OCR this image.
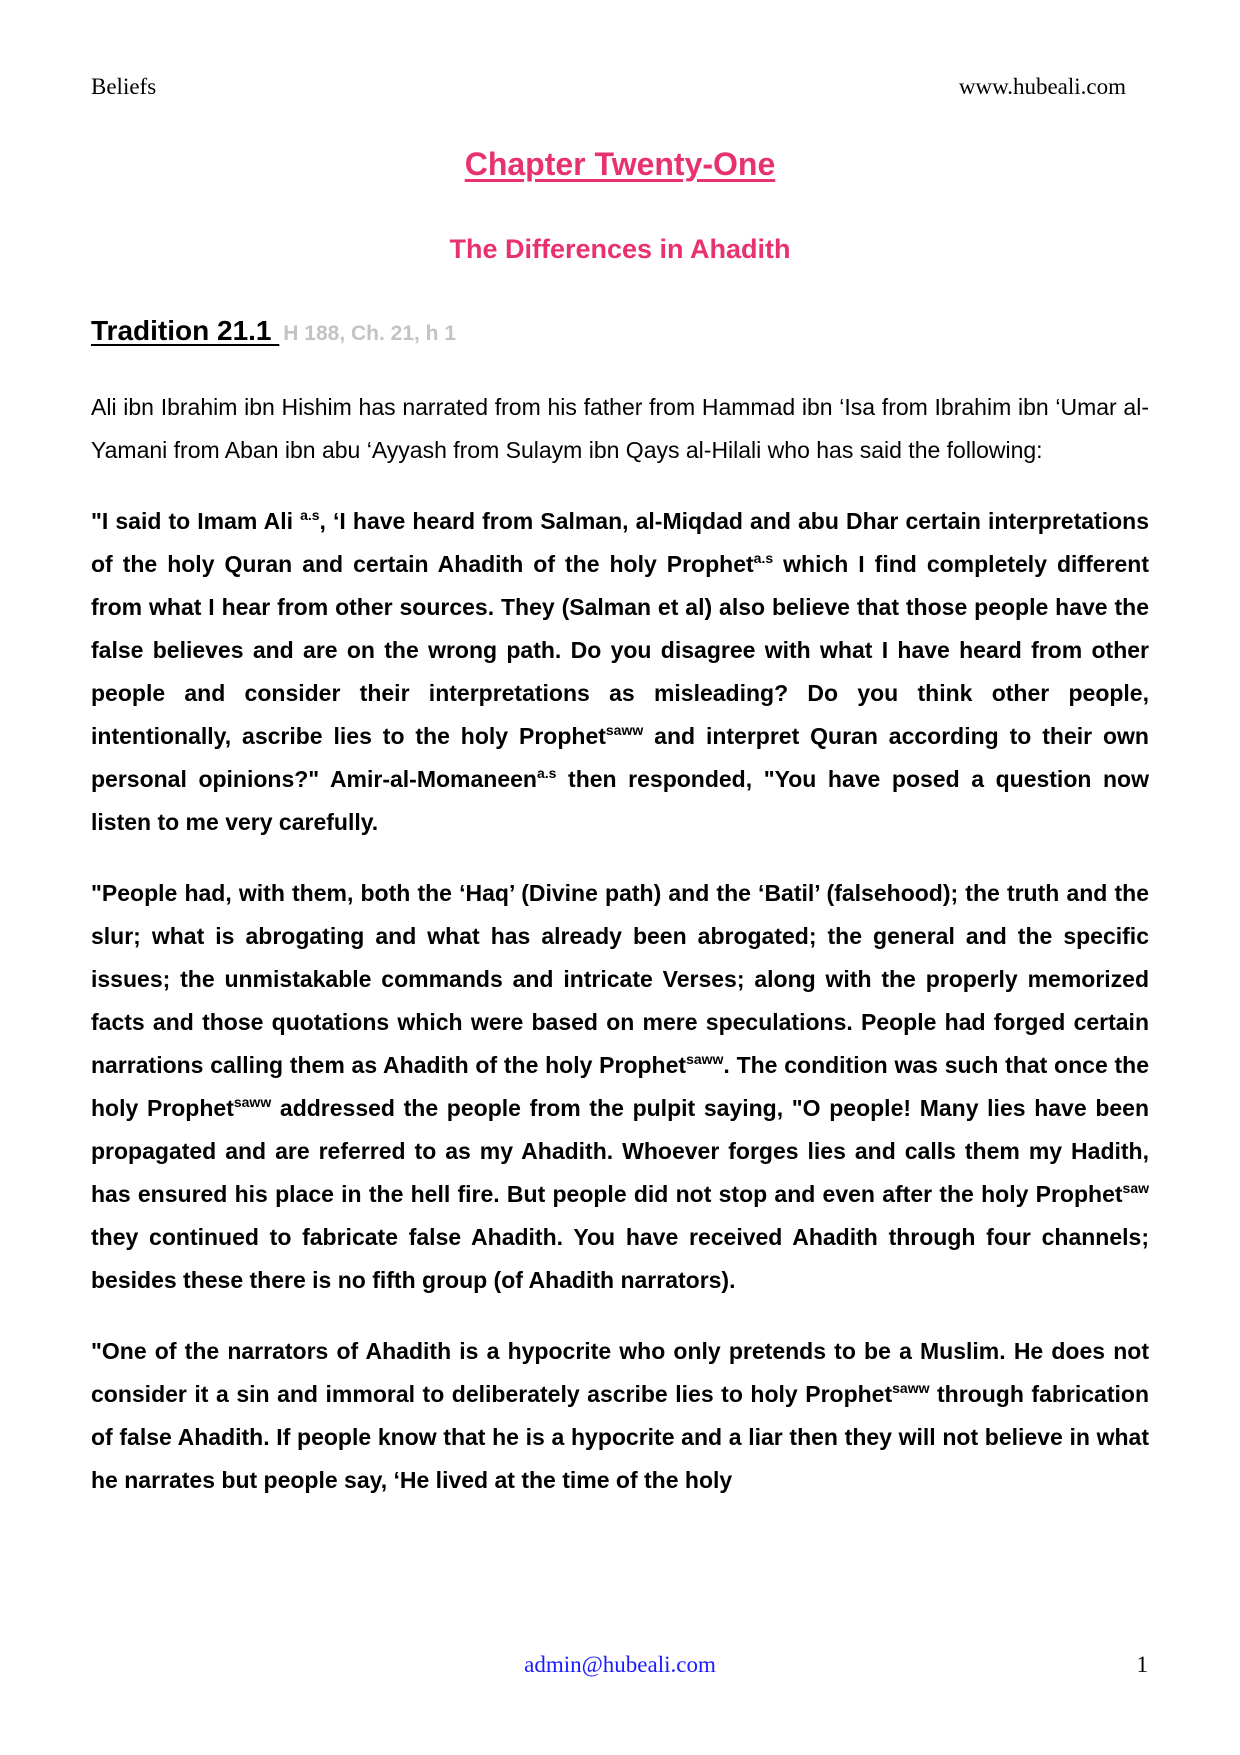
Beliefs	www.hubeali.com
Chapter Twenty-One
The Differences in Ahadith
Tradition 21.1 H 188, Ch. 21, h 1

Ali ibn Ibrahim ibn Hishim has narrated from his father from Hammad ibn ‘Isa from Ibrahim ibn ‘Umar al-Yamani from Aban ibn abu ‘Ayyash from Sulaym ibn Qays al-Hilali who has said the following:

"I said to Imam Ali $^{a.s}$, ‘I have heard from Salman, al-Miqdad and abu Dhar certain interpretations of the holy Quran and certain Ahadith of the holy Prophet$^{a.s}$ which I find completely different from what I hear from other sources. They (Salman et al) also believe that those people have the false believes and are on the wrong path. Do you disagree with what I have heard from other people and consider their interpretations as misleading? Do you think other people, intentionally, ascribe lies to the holy Prophet$^{saww}$ and interpret Quran according to their own personal opinions?" Amir-al-Momaneen$^{a.s}$ then responded, "You have posed a question now listen to me very carefully.

"People had, with them, both the ‘Haq’ (Divine path) and the ‘Batil’ (falsehood); the truth and the slur; what is abrogating and what has already been abrogated; the general and the specific issues; the unmistakable commands and intricate Verses; along with the properly memorized facts and those quotations which were based on mere speculations. People had forged certain narrations calling them as Ahadith of the holy Prophet$^{saww}$. The condition was such that once the holy Prophet$^{saww}$ addressed the people from the pulpit saying, "O people! Many lies have been propagated and are referred to as my Ahadith. Whoever forges lies and calls them my Hadith, has ensured his place in the hell fire. But people did not stop and even after the holy Prophet$^{saw}$ they continued to fabricate false Ahadith. You have received Ahadith through four channels; besides these there is no fifth group (of Ahadith narrators).

"One of the narrators of Ahadith is a hypocrite who only pretends to be a Muslim. He does not consider it a sin and immoral to deliberately ascribe lies to holy Prophet$^{saww}$ through fabrication of false Ahadith. If people know that he is a hypocrite and a liar then they will not believe in what he narrates but people say, ‘He lived at the time of the holy

admin@hubeali.com	1
